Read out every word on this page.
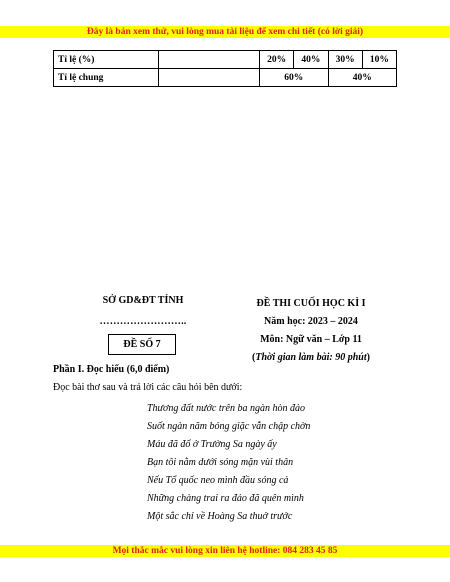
Đây là bản xem thử, vui lòng mua tài liệu để xem chi tiết (có lời giải)
Tỉ lệ (%)		20%	40%	30%	10%
Tỉ lệ chung		60%		40%	
SỞ GD&ĐT TỈNH
……………………..
ĐỀ SỐ 7
ĐỀ THI CUỐI HỌC KÌ I
Năm học: 2023 – 2024
Môn: Ngữ văn – Lớp 11
(Thời gian làm bài: 90 phút)
Phần I. Đọc hiểu (6,0 điểm)
Đọc bài thơ sau và trả lời các câu hỏi bên dưới:
Thương đất nước trên ba ngàn hòn đảo
Suốt ngàn năm bóng giặc vẫn chập chờn
Máu đã đổ ở Trường Sa ngày ấy
Bạn tôi nằm dưới sóng mặn vùi thân
Nếu Tổ quốc neo mình đầu sóng cả
Những chàng trai ra đảo đã quên mình
Một sắc chỉ về Hoàng Sa thuở trước
Mọi thắc mắc vui lòng xin liên hệ hotline: 084 283 45 85
